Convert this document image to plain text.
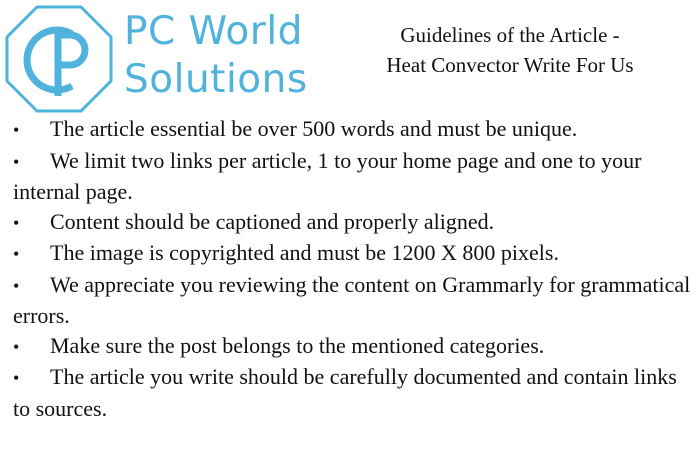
PC World
Solutions
Guidelines of the Article -
Heat Convector Write For Us
• The article essential be over 500 words and must be unique.
• We limit two links per article, 1 to your home page and one to your internal page.
• Content should be captioned and properly aligned.
• The image is copyrighted and must be 1200 X 800 pixels.
• We appreciate you reviewing the content on Grammarly for grammatical errors.
• Make sure the post belongs to the mentioned categories.
• The article you write should be carefully documented and contain links to sources.
